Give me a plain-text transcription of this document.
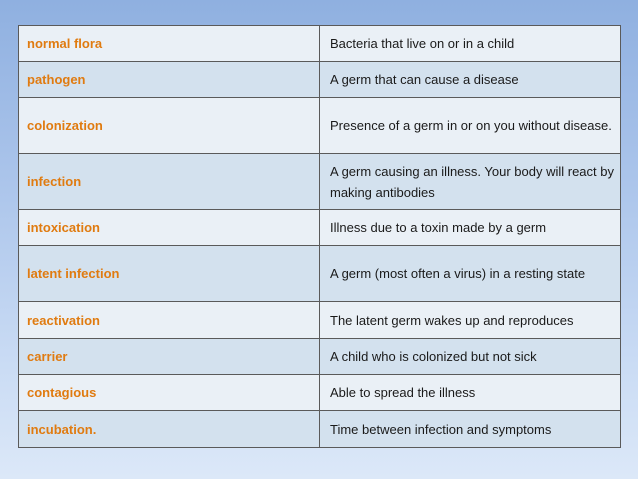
normal flora	Bacteria that live on or in a child
pathogen	A germ that can cause a disease
colonization	Presence of a germ in or on you without disease.
infection	A germ causing an illness. Your body will react by making antibodies
intoxication	Illness due to a toxin made by a germ
latent infection	A germ (most often a virus) in a resting state
reactivation	The latent germ wakes up and reproduces
carrier	A child who is colonized but not sick
contagious	Able to spread the illness
incubation.	Time between infection and symptoms
